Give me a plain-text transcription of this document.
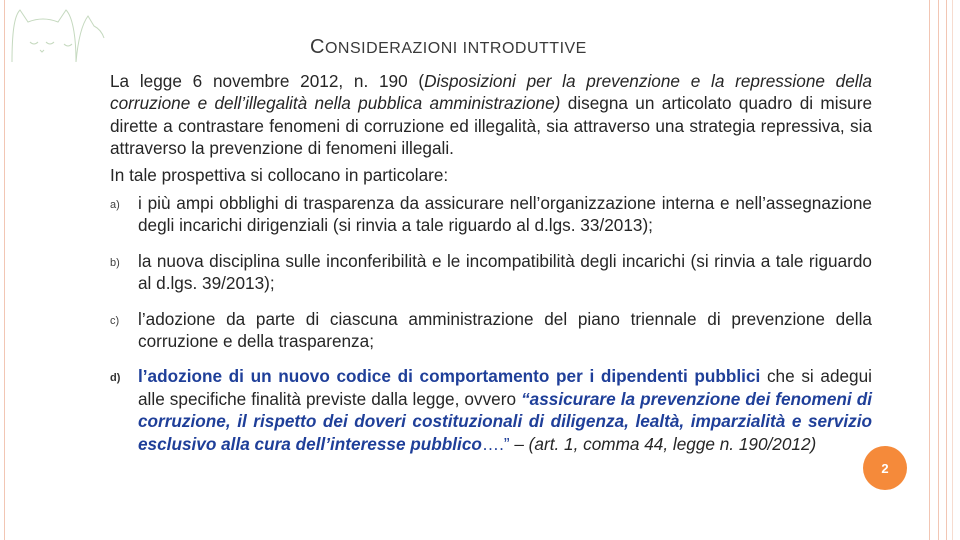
CONSIDERAZIONI INTRODUTTIVE

La legge 6 novembre 2012, n. 190 (Disposizioni per la prevenzione e la repressione della corruzione e dell’illegalità nella pubblica amministrazione) disegna un articolato quadro di misure dirette a contrastare fenomeni di corruzione ed illegalità, sia attraverso una strategia repressiva, sia attraverso la prevenzione di fenomeni illegali.

In tale prospettiva si collocano in particolare:

a) i più ampi obblighi di trasparenza da assicurare nell’organizzazione interna e nell’assegnazione degli incarichi dirigenziali (si rinvia a tale riguardo al d.lgs. 33/2013);
b) la nuova disciplina sulle inconferibilità e le incompatibilità degli incarichi (si rinvia a tale riguardo al d.lgs. 39/2013);
c) l’adozione da parte di ciascuna amministrazione del piano triennale di prevenzione della corruzione e della trasparenza;
d) l’adozione di un nuovo codice di comportamento per i dipendenti pubblici che si adegui alle specifiche finalità previste dalla legge, ovvero “assicurare la prevenzione dei fenomeni di corruzione, il rispetto dei doveri costituzionali di diligenza, lealtà, imparzialità e servizio esclusivo alla cura dell’interesse pubblico….” – (art. 1, comma 44, legge n. 190/2012)
2
